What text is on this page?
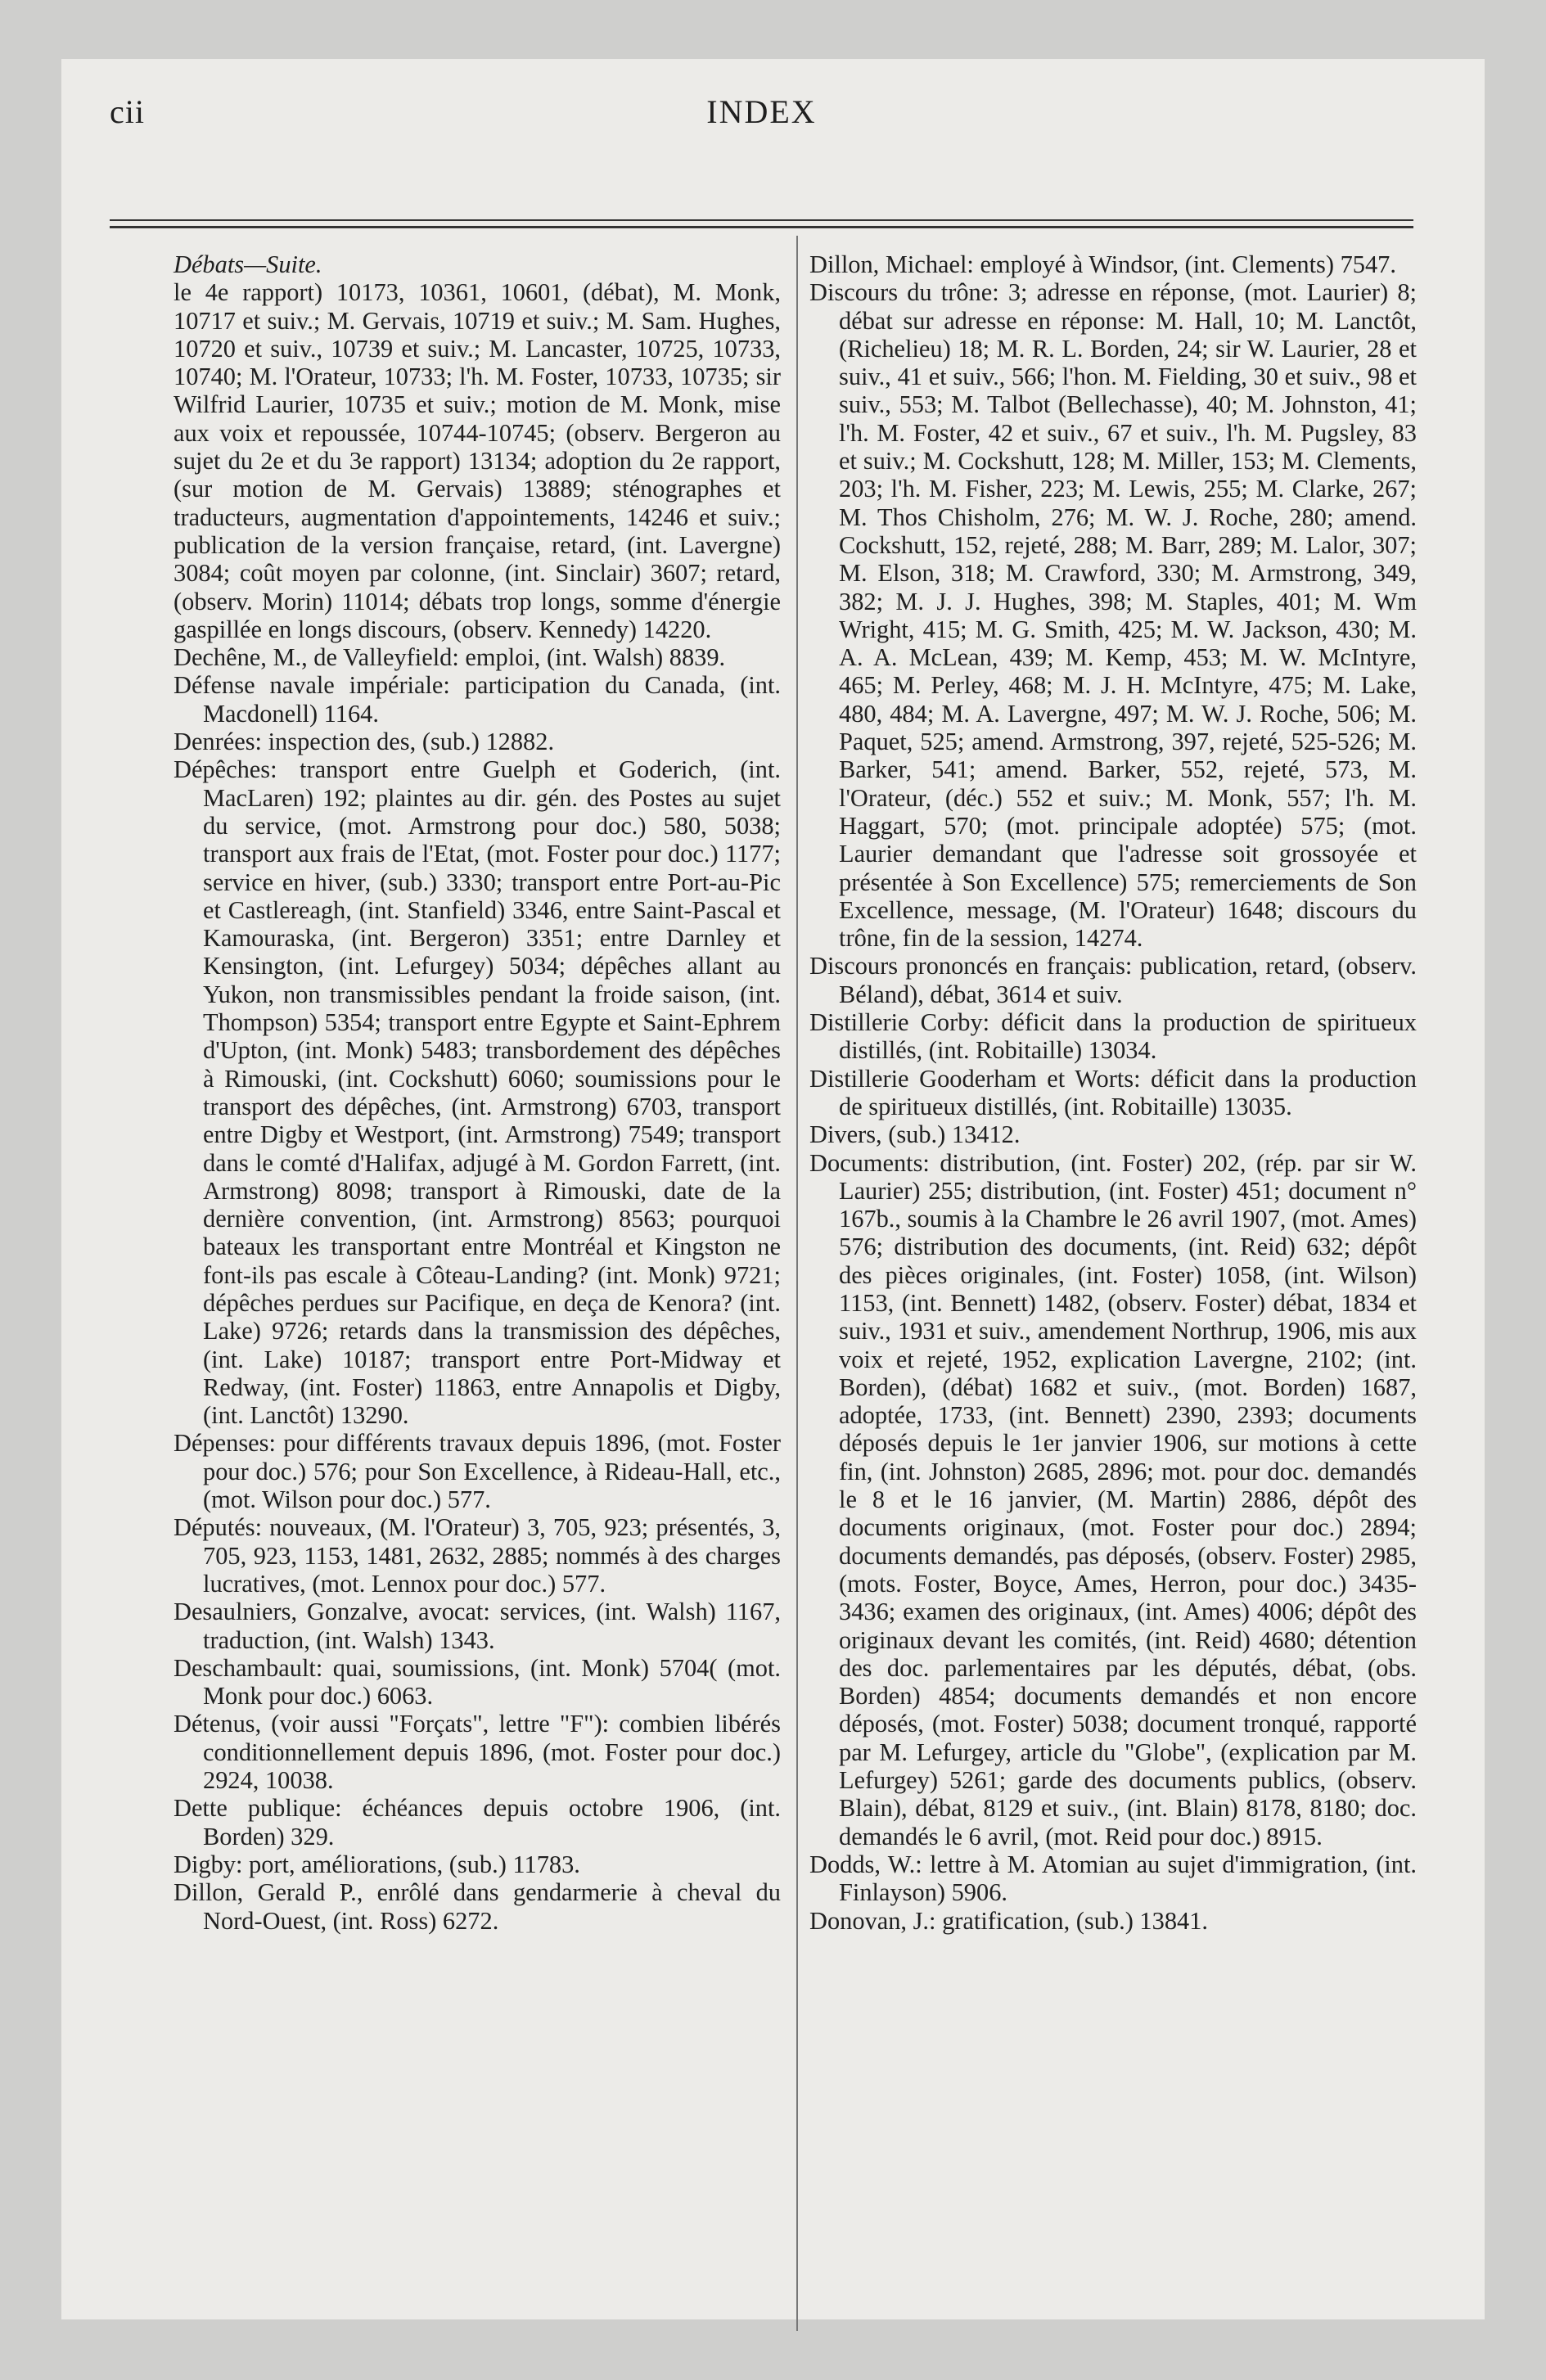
cii	INDEX

Débats—Suite.

le 4e rapport) 10173, 10361, 10601, (débat), M. Monk, 10717 et suiv.; M. Gervais, 10719 et suiv.; M. Sam. Hughes, 10720 et suiv., 10739 et suiv.; M. Lancaster, 10725, 10733, 10740; M. l'Orateur, 10733; l'h. M. Foster, 10733, 10735; sir Wilfrid Laurier, 10735 et suiv.; motion de M. Monk, mise aux voix et repoussée, 10744-10745; (observ. Bergeron au sujet du 2e et du 3e rapport) 13134; adoption du 2e rapport, (sur motion de M. Gervais) 13889; sténographes et traducteurs, augmentation d'appointements, 14246 et suiv.; publication de la version française, retard, (int. Lavergne) 3084; coût moyen par colonne, (int. Sinclair) 3607; retard, (observ. Morin) 11014; débats trop longs, somme d'énergie gaspillée en longs discours, (observ. Kennedy) 14220.

Dechêne, M., de Valleyfield: emploi, (int. Walsh) 8839.

Défense navale impériale: participation du Canada, (int. Macdonell) 1164.

Denrées: inspection des, (sub.) 12882.

Dépêches: transport entre Guelph et Goderich, (int. MacLaren) 192; plaintes au dir. gén. des Postes au sujet du service, (mot. Armstrong pour doc.) 580, 5038; transport aux frais de l'Etat, (mot. Foster pour doc.) 1177; service en hiver, (sub.) 3330; transport entre Port-au-Pic et Castlereagh, (int. Stanfield) 3346, entre Saint-Pascal et Kamouraska, (int. Bergeron) 3351; entre Darnley et Kensington, (int. Lefurgey) 5034; dépêches allant au Yukon, non transmissibles pendant la froide saison, (int. Thompson) 5354; transport entre Egypte et Saint-Ephrem d'Upton, (int. Monk) 5483; transbordement des dépêches à Rimouski, (int. Cockshutt) 6060; soumissions pour le transport des dépêches, (int. Armstrong) 6703, transport entre Digby et Westport, (int. Armstrong) 7549; transport dans le comté d'Halifax, adjugé à M. Gordon Farrett, (int. Armstrong) 8098; transport à Rimouski, date de la dernière convention, (int. Armstrong) 8563; pourquoi bateaux les transportant entre Montréal et Kingston ne font-ils pas escale à Côteau-Landing? (int. Monk) 9721; dépêches perdues sur Pacifique, en deça de Kenora? (int. Lake) 9726; retards dans la transmission des dépêches, (int. Lake) 10187; transport entre Port-Midway et Redway, (int. Foster) 11863, entre Annapolis et Digby, (int. Lanctôt) 13290.

Dépenses: pour différents travaux depuis 1896, (mot. Foster pour doc.) 576; pour Son Excellence, à Rideau-Hall, etc., (mot. Wilson pour doc.) 577.

Députés: nouveaux, (M. l'Orateur) 3, 705, 923; présentés, 3, 705, 923, 1153, 1481, 2632, 2885; nommés à des charges lucratives, (mot. Lennox pour doc.) 577.

Desaulniers, Gonzalve, avocat: services, (int. Walsh) 1167, traduction, (int. Walsh) 1343.

Deschambault: quai, soumissions, (int. Monk) 5704( (mot. Monk pour doc.) 6063.

Détenus, (voir aussi "Forçats", lettre "F"): combien libérés conditionnellement depuis 1896, (mot. Foster pour doc.) 2924, 10038.

Dette publique: échéances depuis octobre 1906, (int. Borden) 329.

Digby: port, améliorations, (sub.) 11783.

Dillon, Gerald P., enrôlé dans gendarmerie à cheval du Nord-Ouest, (int. Ross) 6272.

Dillon, Michael: employé à Windsor, (int. Clements) 7547.

Discours du trône: 3; adresse en réponse, (mot. Laurier) 8; débat sur adresse en réponse: M. Hall, 10; M. Lanctôt, (Richelieu) 18; M. R. L. Borden, 24; sir W. Laurier, 28 et suiv., 41 et suiv., 566; l'hon. M. Fielding, 30 et suiv., 98 et suiv., 553; M. Talbot (Bellechasse), 40; M. Johnston, 41; l'h. M. Foster, 42 et suiv., 67 et suiv., l'h. M. Pugsley, 83 et suiv.; M. Cockshutt, 128; M. Miller, 153; M. Clements, 203; l'h. M. Fisher, 223; M. Lewis, 255; M. Clarke, 267; M. Thos Chisholm, 276; M. W. J. Roche, 280; amend. Cockshutt, 152, rejeté, 288; M. Barr, 289; M. Lalor, 307; M. Elson, 318; M. Crawford, 330; M. Armstrong, 349, 382; M. J. J. Hughes, 398; M. Staples, 401; M. Wm Wright, 415; M. G. Smith, 425; M. W. Jackson, 430; M. A. A. McLean, 439; M. Kemp, 453; M. W. McIntyre, 465; M. Perley, 468; M. J. H. McIntyre, 475; M. Lake, 480, 484; M. A. Lavergne, 497; M. W. J. Roche, 506; M. Paquet, 525; amend. Armstrong, 397, rejeté, 525-526; M. Barker, 541; amend. Barker, 552, rejeté, 573, M. l'Orateur, (déc.) 552 et suiv.; M. Monk, 557; l'h. M. Haggart, 570; (mot. principale adoptée) 575; (mot. Laurier demandant que l'adresse soit grossoyée et présentée à Son Excellence) 575; remerciements de Son Excellence, message, (M. l'Orateur) 1648; discours du trône, fin de la session, 14274.

Discours prononcés en français: publication, retard, (observ. Béland), débat, 3614 et suiv.

Distillerie Corby: déficit dans la production de spiritueux distillés, (int. Robitaille) 13034.

Distillerie Gooderham et Worts: déficit dans la production de spiritueux distillés, (int. Robitaille) 13035.

Divers, (sub.) 13412.

Documents: distribution, (int. Foster) 202, (rép. par sir W. Laurier) 255; distribution, (int. Foster) 451; document n° 167b., soumis à la Chambre le 26 avril 1907, (mot. Ames) 576; distribution des documents, (int. Reid) 632; dépôt des pièces originales, (int. Foster) 1058, (int. Wilson) 1153, (int. Bennett) 1482, (observ. Foster) débat, 1834 et suiv., 1931 et suiv., amendement Northrup, 1906, mis aux voix et rejeté, 1952, explication Lavergne, 2102; (int. Borden), (débat) 1682 et suiv., (mot. Borden) 1687, adoptée, 1733, (int. Bennett) 2390, 2393; documents déposés depuis le 1er janvier 1906, sur motions à cette fin, (int. Johnston) 2685, 2896; mot. pour doc. demandés le 8 et le 16 janvier, (M. Martin) 2886, dépôt des documents originaux, (mot. Foster pour doc.) 2894; documents demandés, pas déposés, (observ. Foster) 2985, (mots. Foster, Boyce, Ames, Herron, pour doc.) 3435-3436; examen des originaux, (int. Ames) 4006; dépôt des originaux devant les comités, (int. Reid) 4680; détention des doc. parlementaires par les députés, débat, (obs. Borden) 4854; documents demandés et non encore déposés, (mot. Foster) 5038; document tronqué, rapporté par M. Lefurgey, article du "Globe", (explication par M. Lefurgey) 5261; garde des documents publics, (observ. Blain), débat, 8129 et suiv., (int. Blain) 8178, 8180; doc. demandés le 6 avril, (mot. Reid pour doc.) 8915.

Dodds, W.: lettre à M. Atomian au sujet d'immigration, (int. Finlayson) 5906.

Donovan, J.: gratification, (sub.) 13841.
